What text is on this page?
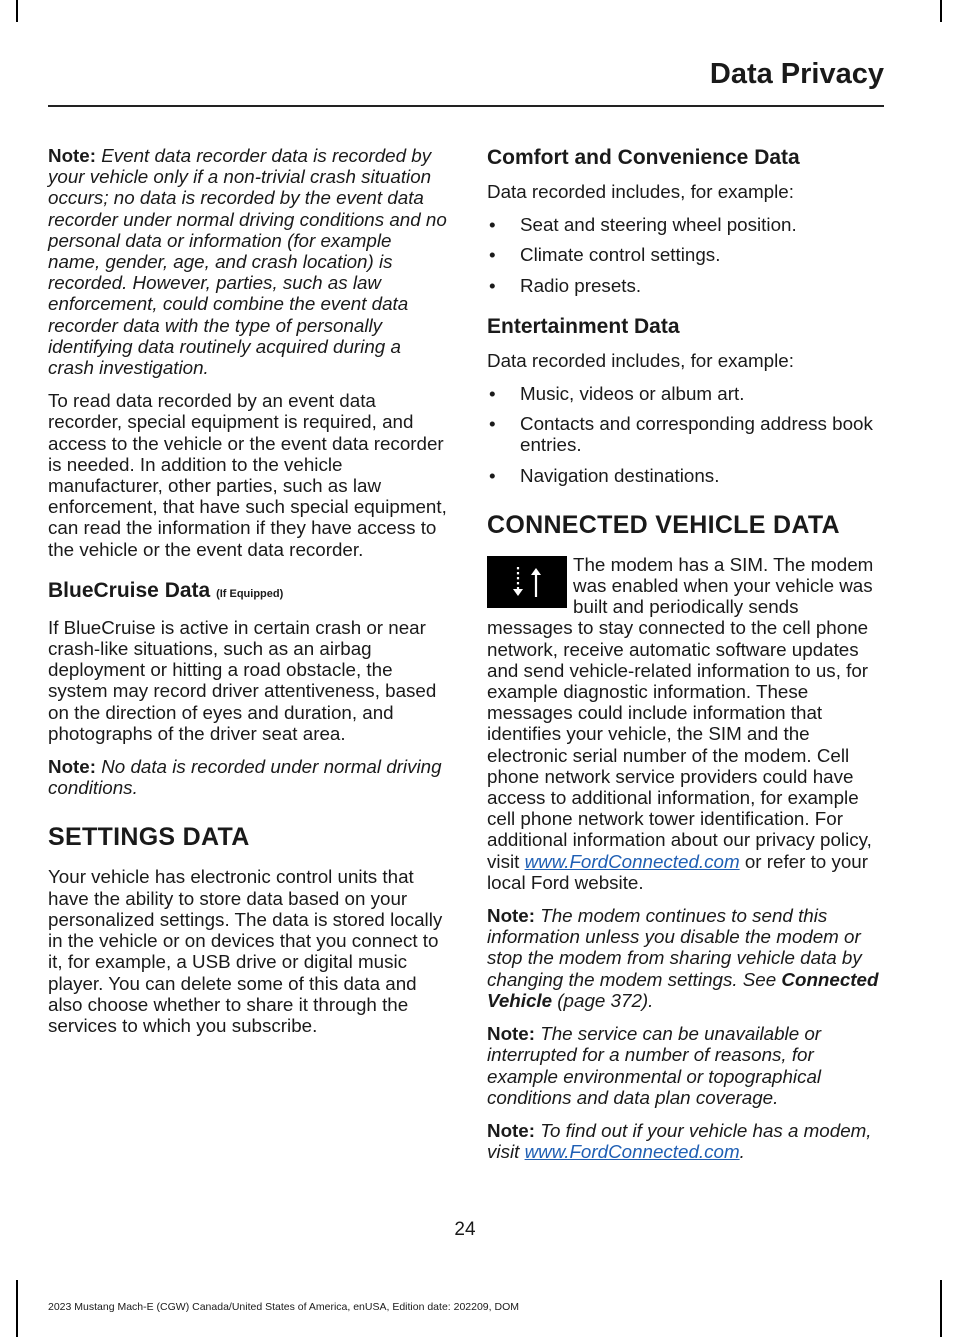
Data Privacy

Note: Event data recorder data is recorded by your vehicle only if a non-trivial crash situation occurs; no data is recorded by the event data recorder under normal driving conditions and no personal data or information (for example name, gender, age, and crash location) is recorded. However, parties, such as law enforcement, could combine the event data recorder data with the type of personally identifying data routinely acquired during a crash investigation.

To read data recorded by an event data recorder, special equipment is required, and access to the vehicle or the event data recorder is needed. In addition to the vehicle manufacturer, other parties, such as law enforcement, that have such special equipment, can read the information if they have access to the vehicle or the event data recorder.

BlueCruise Data (If Equipped)

If BlueCruise is active in certain crash or near crash-like situations, such as an airbag deployment or hitting a road obstacle, the system may record driver attentiveness, based on the direction of eyes and duration, and photographs of the driver seat area.

Note: No data is recorded under normal driving conditions.

SETTINGS DATA

Your vehicle has electronic control units that have the ability to store data based on your personalized settings. The data is stored locally in the vehicle or on devices that you connect to it, for example, a USB drive or digital music player. You can delete some of this data and also choose whether to share it through the services to which you subscribe.

Comfort and Convenience Data

Data recorded includes, for example:

• Seat and steering wheel position.
• Climate control settings.
• Radio presets.
Entertainment Data

Data recorded includes, for example:

• Music, videos or album art.
• Contacts and corresponding address book entries.
• Navigation destinations.
CONNECTED VEHICLE DATA

The modem has a SIM. The modem was enabled when your vehicle was built and periodically sends messages to stay connected to the cell phone network, receive automatic software updates and send vehicle-related information to us, for example diagnostic information. These messages could include information that identifies your vehicle, the SIM and the electronic serial number of the modem. Cell phone network service providers could have access to additional information, for example cell phone network tower identification. For additional information about our privacy policy, visit www.FordConnected.com or refer to your local Ford website.

Note: The modem continues to send this information unless you disable the modem or stop the modem from sharing vehicle data by changing the modem settings. See Connected Vehicle (page 372).

Note: The service can be unavailable or interrupted for a number of reasons, for example environmental or topographical conditions and data plan coverage.

Note: To find out if your vehicle has a modem, visit www.FordConnected.com.

24
2023 Mustang Mach-E (CGW) Canada/United States of America, enUSA, Edition date: 202209, DOM
